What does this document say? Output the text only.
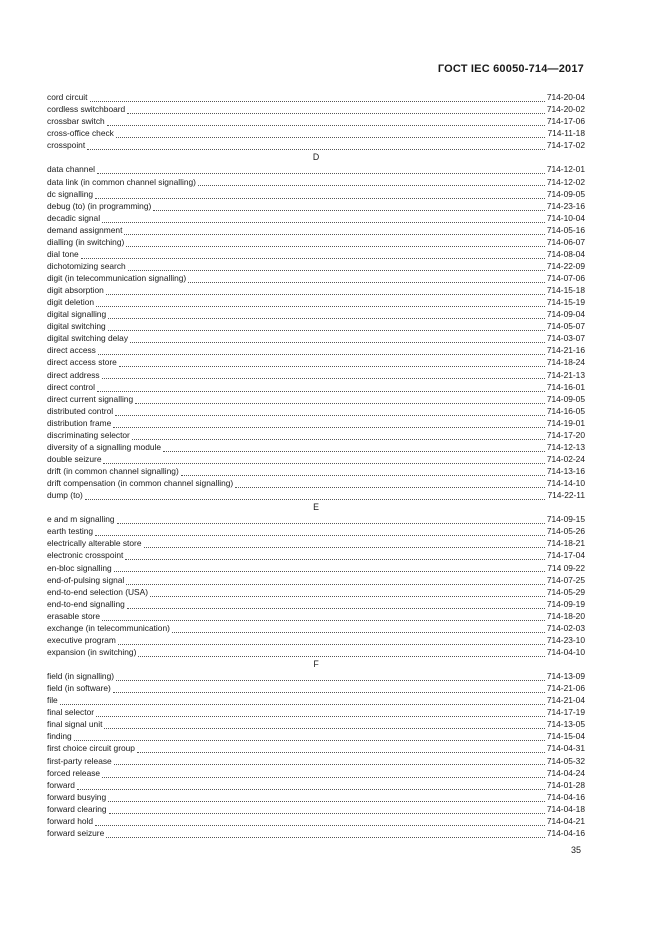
ГОСТ IEC 60050-714—2017
cord circuit	714-20-04
cordless switchboard	714-20-02
crossbar switch	714-17-06
cross-office check	714-11-18
crosspoint	714-17-02
D
data channel	714-12-01
data link (in common channel signalling)	714-12-02
dc signalling	714-09-05
debug (to) (in programming)	714-23-16
decadic signal	714-10-04
demand assignment	714-05-16
dialling (in switching)	714-06-07
dial tone	714-08-04
dichotomizing search	714-22-09
digit (in telecommunication signalling)	714-07-06
digit absorption	714-15-18
digit deletion	714-15-19
digital signalling	714-09-04
digital switching	714-05-07
digital switching delay	714-03-07
direct access	714-21-16
direct access store	714-18-24
direct address	714-21-13
direct control	714-16-01
direct current signalling	714-09-05
distributed control	714-16-05
distribution frame	714-19-01
discriminating selector	714-17-20
diversity of a signalling module	714-12-13
double seizure	714-02-24
drift (in common channel signalling)	714-13-16
drift compensation (in common channel signalling)	714-14-10
dump (to)	714-22-11
E
e and m signalling	714-09-15
earth testing	714-05-26
electrically alterable store	714-18-21
electronic crosspoint	714-17-04
en-bloc signalling	714 09-22
end-of-pulsing signal	714-07-25
end-to-end selection (USA)	714-05-29
end-to-end signalling	714-09-19
erasable store	714-18-20
exchange (in telecommunication)	714-02-03
executive program	714-23-10
expansion (in switching)	714-04-10
F
field (in signalling)	714-13-09
field (in software)	714-21-06
file	714-21-04
final selector	714-17-19
final signal unit	714-13-05
finding	714-15-04
first choice circuit group	714-04-31
first-party release	714-05-32
forced release	714-04-24
forward	714-01-28
forward busying	714-04-16
forward clearing	714-04-18
forward hold	714-04-21
forward seizure	714-04-16
35
